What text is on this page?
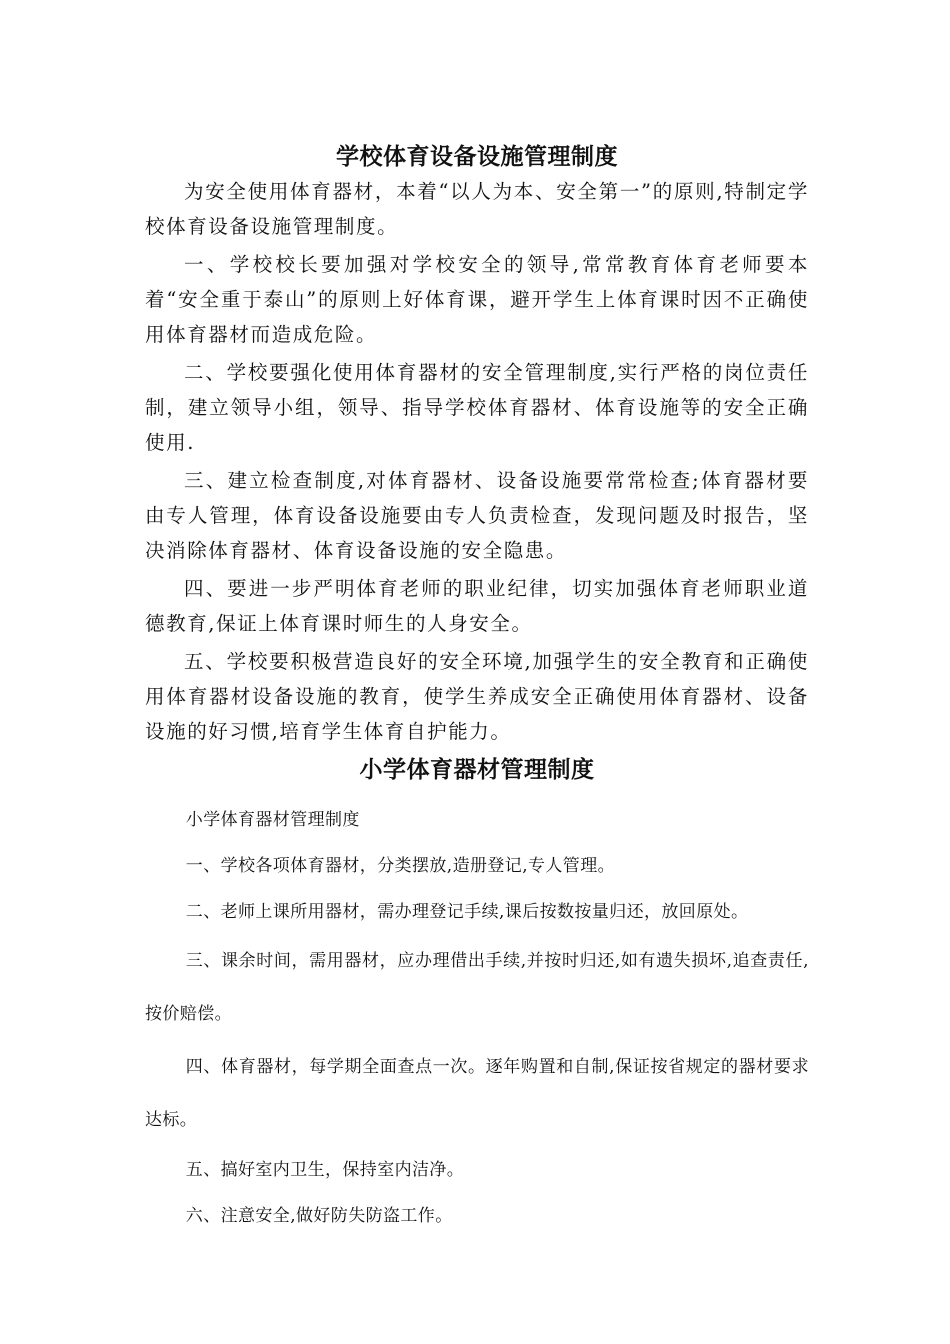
学校体育设备设施管理制度

为安全使用体育器材，本着“以人为本、安全第一”的原则,特制定学校体育设备设施管理制度。

一、学校校长要加强对学校安全的领导,常常教育体育老师要本着“安全重于泰山”的原则上好体育课，避开学生上体育课时因不正确使用体育器材而造成危险。

二、学校要强化使用体育器材的安全管理制度,实行严格的岗位责任制，建立领导小组，领导、指导学校体育器材、体育设施等的安全正确使用.

三、建立检查制度,对体育器材、设备设施要常常检查;体育器材要由专人管理，体育设备设施要由专人负责检查，发现问题及时报告，坚决消除体育器材、体育设备设施的安全隐患。

四、要进一步严明体育老师的职业纪律，切实加强体育老师职业道德教育,保证上体育课时师生的人身安全。

五、学校要积极营造良好的安全环境,加强学生的安全教育和正确使用体育器材设备设施的教育，使学生养成安全正确使用体育器材、设备设施的好习惯,培育学生体育自护能力。

小学体育器材管理制度

小学体育器材管理制度

一、学校各项体育器材，分类摆放,造册登记,专人管理。

二、老师上课所用器材，需办理登记手续,课后按数按量归还，放回原处。

三、课余时间，需用器材，应办理借出手续,并按时归还,如有遗失损坏,追查责任,按价赔偿。

四、体育器材，每学期全面查点一次。逐年购置和自制,保证按省规定的器材要求达标。

五、搞好室内卫生，保持室内洁净。

六、注意安全,做好防失防盗工作。
